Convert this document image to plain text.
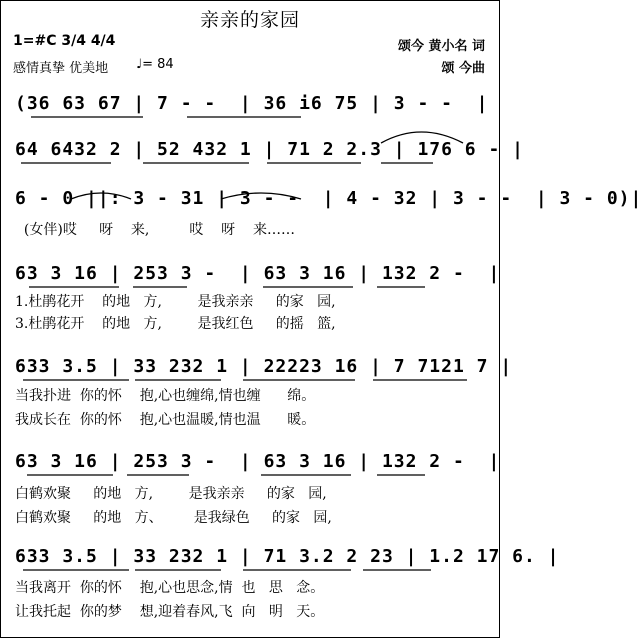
亲亲的家园
1=#C 3/4 4/4
感情真挚 优美地 ♩= 84
颂今 黄小名 词
颂 今曲
(36 63 67 | 7 - -  | 36 i6 75 | 3 - -  |
64 6432 2 | 52 432 1 | 71 2 2.3 | 176 6 - |
6 - 0 ||: 3 - 31 | 3 - -  | 4 - 32 | 3 - -  | 3 - 0)|
(女伴)哎     呀    来,         哎    呀    来……
63 3 16 | 253 3 -  | 63 3 16 | 132 2 -  |
1.杜鹃花开    的地   方,        是我亲亲     的家   园,
3.杜鹃花开    的地   方,        是我红色     的摇   篮,
633 3.5 | 33 232 1 | 22223 16 | 7 7121 7 |
当我扑进  你的怀    抱,心也缠绵,情也缠      绵。
我成长在  你的怀    抱,心也温暖,情也温      暖。
63 3 16 | 253 3 -  | 63 3 16 | 132 2 -  |
白鹤欢聚     的地   方,        是我亲亲     的家   园,
白鹤欢聚     的地   方、       是我绿色     的家   园,
633 3.5 | 33 232 1 | 71 3.2 2 23 | 1.2 17 6. |
当我离开  你的怀    抱,心也思念,情  也   思   念。
让我托起  你的梦    想,迎着春风,飞  向   明   天。
